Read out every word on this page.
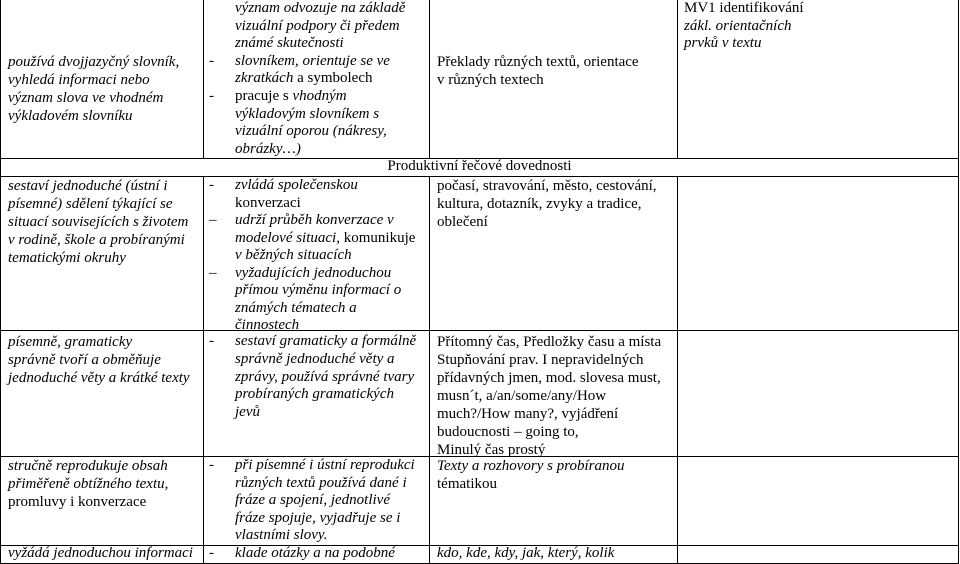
používá dvojjazyčný slovník,
vyhledá informaci nebo
význam slova ve vhodném
výkladovém slovníku
význam odvozuje na základě
vizuální podpory či předem
známé skutečnosti
- slovníkem, orientuje se ve
zkratkách a symbolech
- pracuje s vhodným
výkladovým slovníkem s
vizuální oporou (nákresy,
obrázky…)
Překlady různých textů, orientace
v různých textech
MV1 identifikování
zákl. orientačních
prvků v textu
Produktivní řečové dovednosti
sestaví jednoduché (ústní i
písemné) sdělení týkající se
situací souvisejících s životem
v rodině, škole a probíranými
tematickými okruhy
- zvládá společenskou
konverzaci
– udrží průběh konverzace v
modelové situaci, komunikuje
v běžných situacích
– vyžadujících jednoduchou
přímou výměnu informací o
známých tématech a
činnostech
počasí, stravování, město, cestování,
kultura, dotazník, zvyky a tradice,
oblečení
písemně, gramaticky
správně tvoří a obměňuje
jednoduché věty a krátké texty
- sestaví gramaticky a formálně
správně jednoduché věty a
zprávy, používá správné tvary
probíraných gramatických
jevů
Přítomný čas, Předložky času a místa
Stupňování prav. I nepravidelných
přídavných jmen, mod. slovesa must,
musn´t, a/an/some/any/How
much?/How many?, vyjádření
budoucnosti – going to,
Minulý čas prostý
stručně reprodukuje obsah
přiměřeně obtížného textu,
promluvy i konverzace
- při písemné i ústní reprodukci
různých textů používá dané i
fráze a spojení, jednotlivé
fráze spojuje, vyjadřuje se i
vlastními slovy.
Texty a rozhovory s probíranou
tématikou
vyžádá jednoduchou informaci - klade otázky a na podobné	kdo, kde, kdy, jak, který, kolik
